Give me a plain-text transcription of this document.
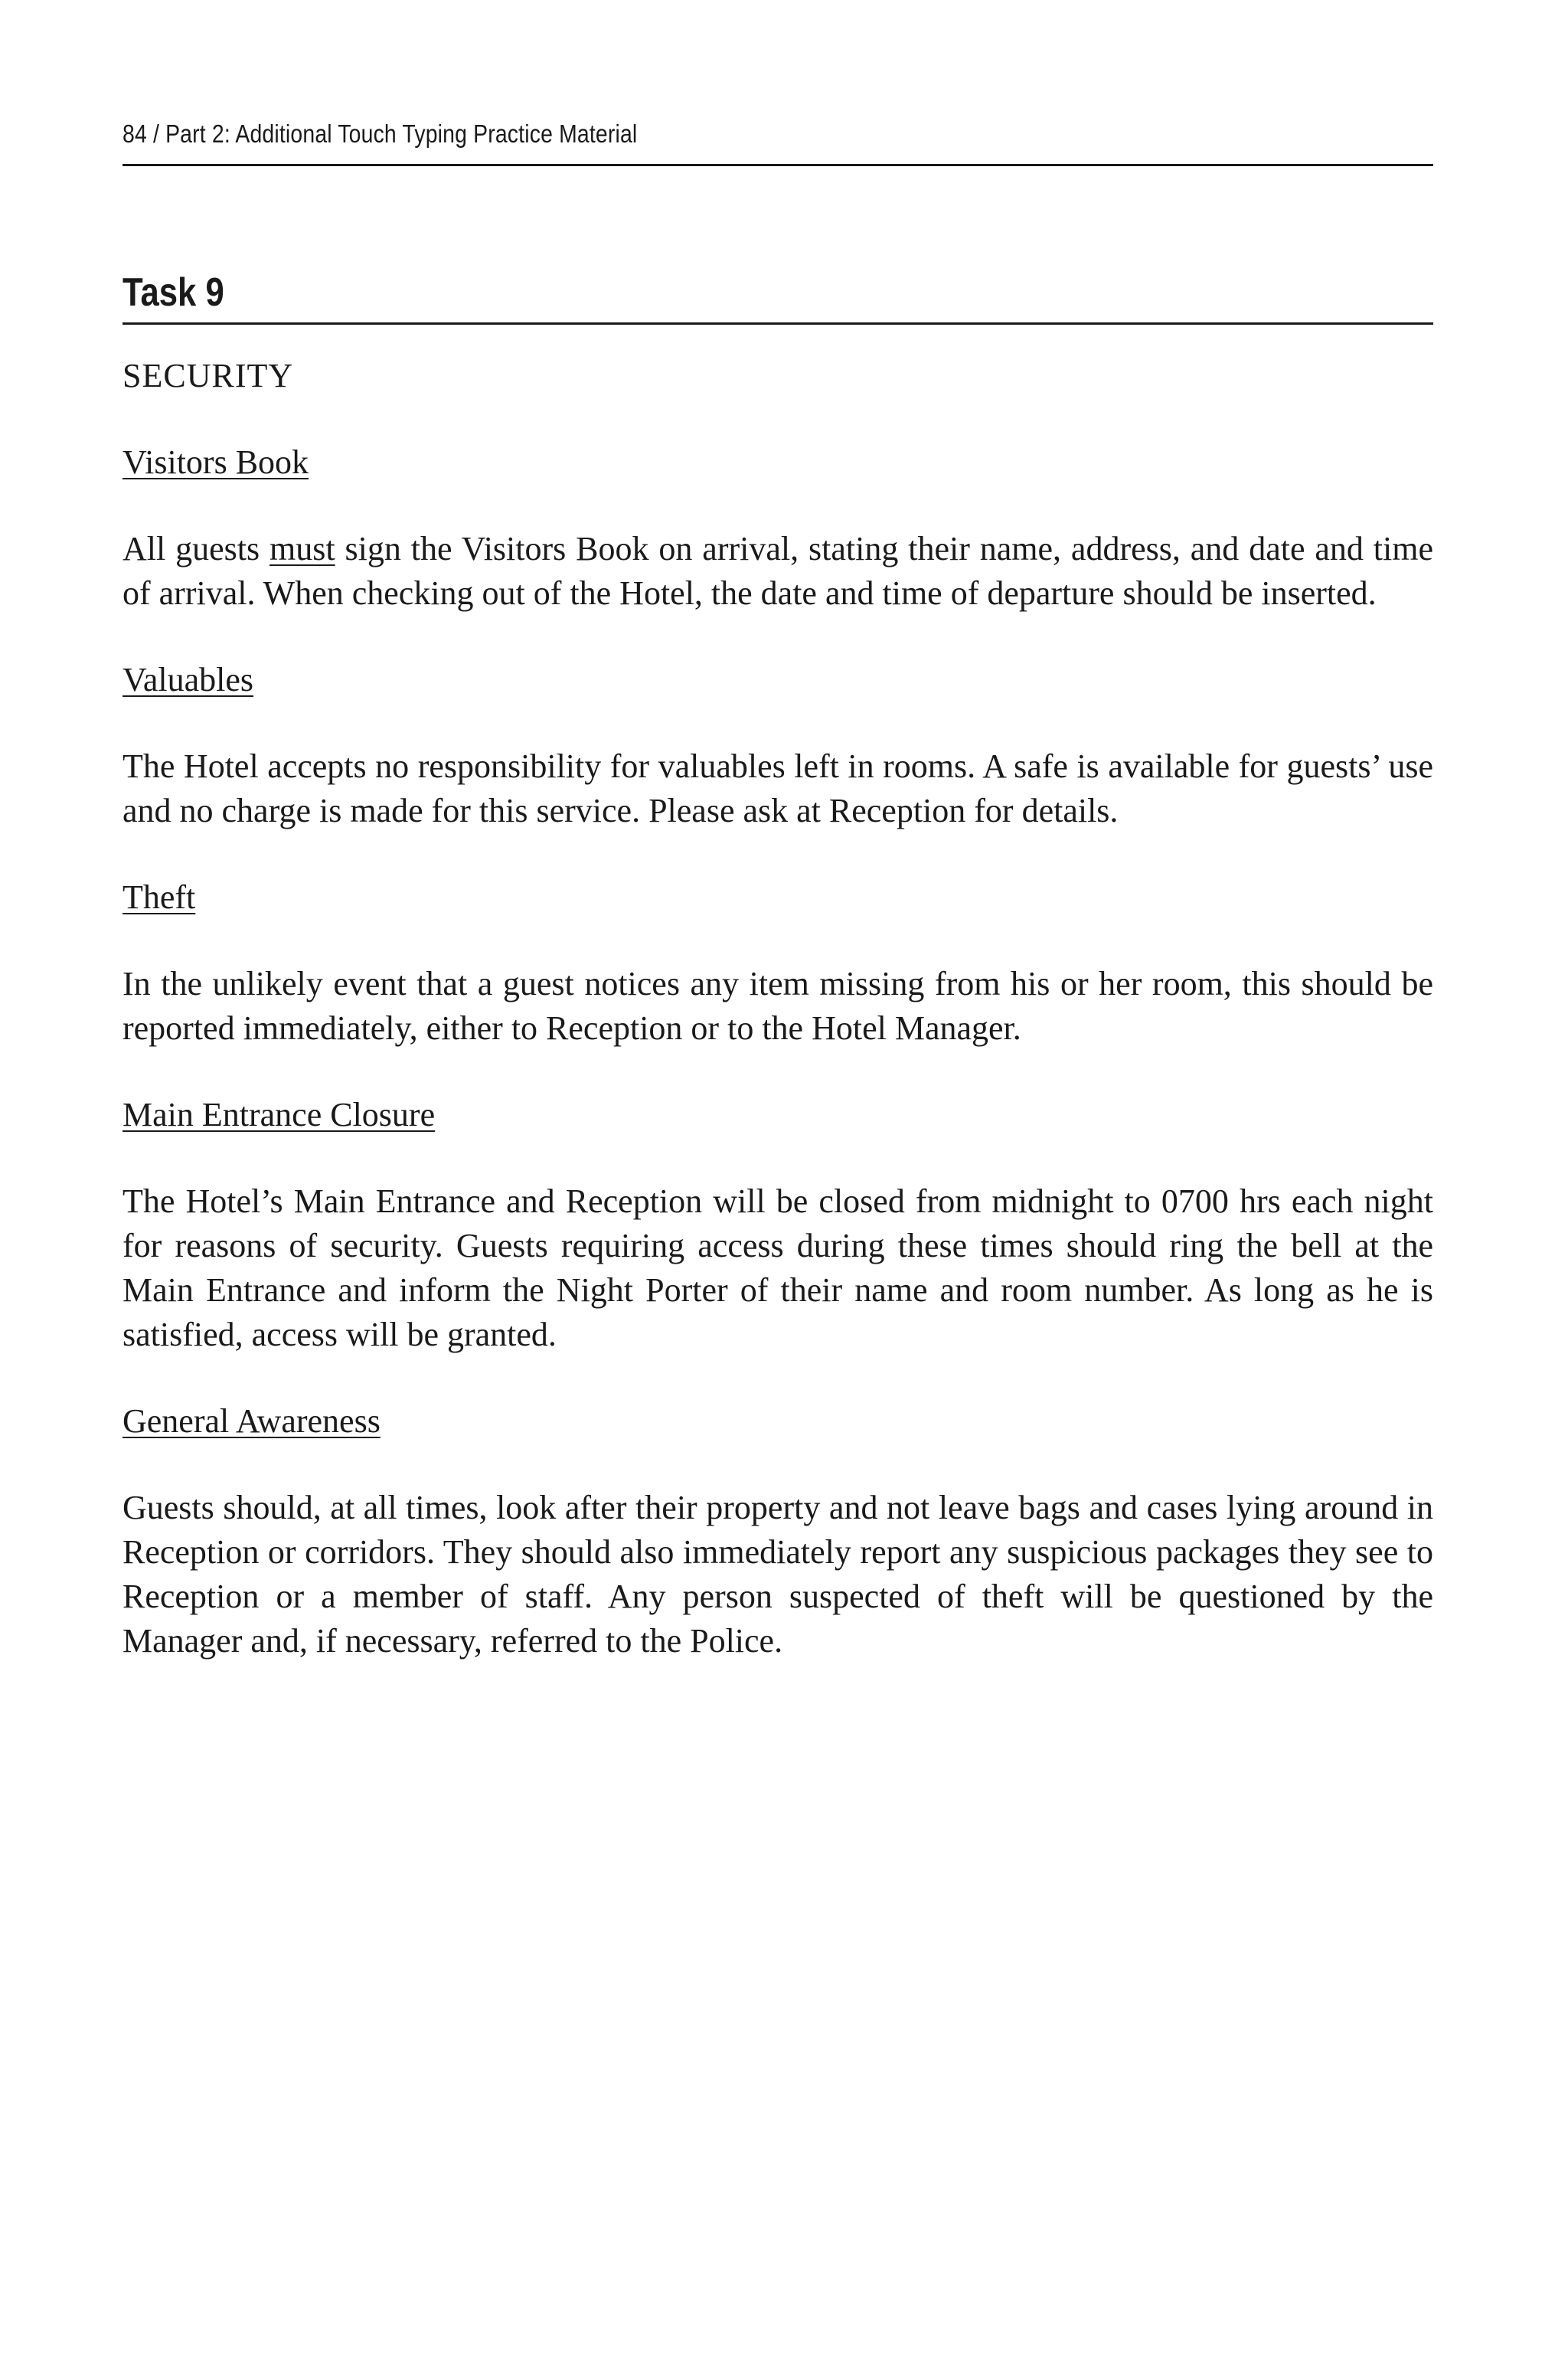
84 / Part 2: Additional Touch Typing Practice Material
Task 9
SECURITY
Visitors Book
All guests must sign the Visitors Book on arrival, stating their name, address, and date and time of arrival. When checking out of the Hotel, the date and time of departure should be inserted.
Valuables
The Hotel accepts no responsibility for valuables left in rooms. A safe is available for guests’ use and no charge is made for this service. Please ask at Reception for details.
Theft
In the unlikely event that a guest notices any item missing from his or her room, this should be reported immediately, either to Reception or to the Hotel Manager.
Main Entrance Closure
The Hotel’s Main Entrance and Reception will be closed from midnight to 0700 hrs each night for reasons of security. Guests requiring access during these times should ring the bell at the Main Entrance and inform the Night Porter of their name and room number. As long as he is satisfied, access will be granted.
General Awareness
Guests should, at all times, look after their property and not leave bags and cases lying around in Reception or corridors. They should also immediately report any suspicious packages they see to Reception or a member of staff. Any person suspected of theft will be questioned by the Manager and, if necessary, referred to the Police.
